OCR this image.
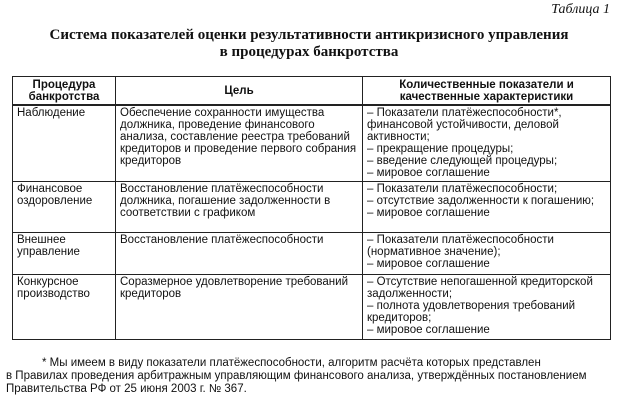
Таблица 1
Система показателей оценки результативности антикризисного управления
в процедурах банкротства
Процедура банкротства	Цель	Количественные показатели и качественные характеристики
Наблюдение	Обеспечение сохранности имущества должника, проведение финансового анализа, составление реестра требований кредиторов и проведение первого собрания кредиторов	– Показатели платёжеспособности*, финансовой устойчивости, деловой активности;
– прекращение процедуры;
– введение следующей процедуры;
– мировое соглашение

Финансовое оздоровление	Восстановление платёжеспособности должника, погашение задолженности в соответствии с графиком	– Показатели платёжеспособности;
– отсутствие задолженности к погашению;
– мировое соглашение

Внешнее управление	Восстановление платёжеспособности	– Показатели платёжеспособности (нормативное значение);
– мировое соглашение

Конкурсное производство	Соразмерное удовлетворение требований кредиторов	– Отсутствие непогашенной кредиторской задолженности;
– полнота удовлетворения требований кредиторов;
– мировое соглашение
* Мы имеем в виду показатели платёжеспособности, алгоритм расчёта которых представлен
в Правилах проведения арбитражным управляющим финансового анализа, утверждённых постановлением
Правительства РФ от 25 июня 2003 г. № 367.
